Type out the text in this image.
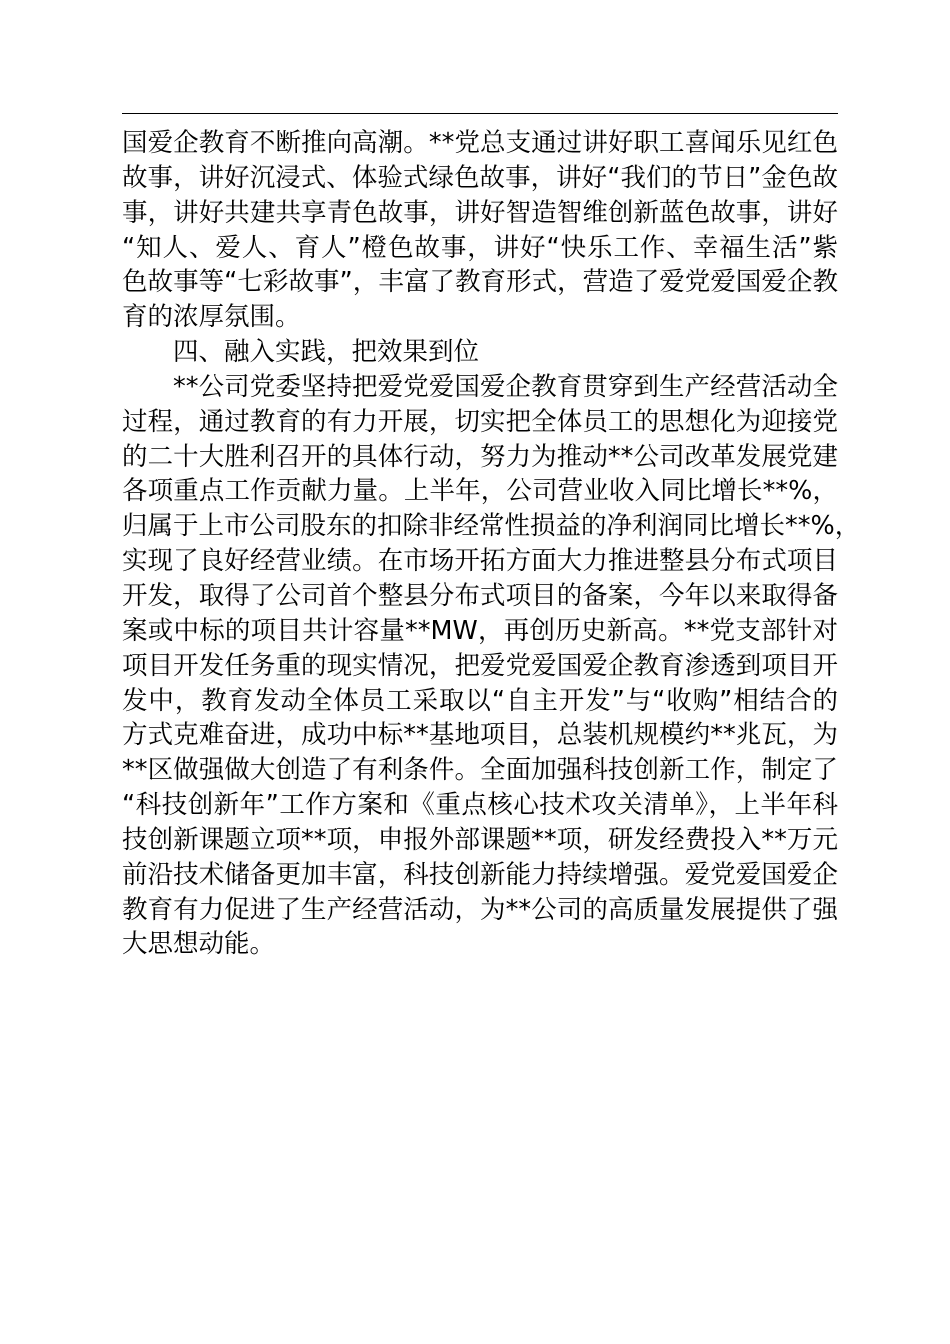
国爱企教育不断推向高潮。**党总支通过讲好职工喜闻乐见红色
故事，讲好沉浸式、体验式绿色故事，讲好“我们的节日”金色故
事，讲好共建共享青色故事，讲好智造智维创新蓝色故事，讲好
“知人、爱人、育人”橙色故事，讲好“快乐工作、幸福生活”紫
色故事等“七彩故事”，丰富了教育形式，营造了爱党爱国爱企教
育的浓厚氛围。
四、融入实践，把效果到位
**公司党委坚持把爱党爱国爱企教育贯穿到生产经营活动全
过程，通过教育的有力开展，切实把全体员工的思想化为迎接党
的二十大胜利召开的具体行动，努力为推动**公司改革发展党建
各项重点工作贡献力量。上半年，公司营业收入同比增长**%，
归属于上市公司股东的扣除非经常性损益的净利润同比增长**%，
实现了良好经营业绩。在市场开拓方面大力推进整县分布式项目
开发，取得了公司首个整县分布式项目的备案，今年以来取得备
案或中标的项目共计容量**MW，再创历史新高。**党支部针对
项目开发任务重的现实情况，把爱党爱国爱企教育渗透到项目开
发中，教育发动全体员工采取以“自主开发”与“收购”相结合的
方式克难奋进，成功中标**基地项目，总装机规模约**兆瓦，为
**区做强做大创造了有利条件。全面加强科技创新工作，制定了
“科技创新年”工作方案和《重点核心技术攻关清单》，上半年科
技创新课题立项**项，申报外部课题**项，研发经费投入**万元
前沿技术储备更加丰富，科技创新能力持续增强。爱党爱国爱企
教育有力促进了生产经营活动，为**公司的高质量发展提供了强
大思想动能。
